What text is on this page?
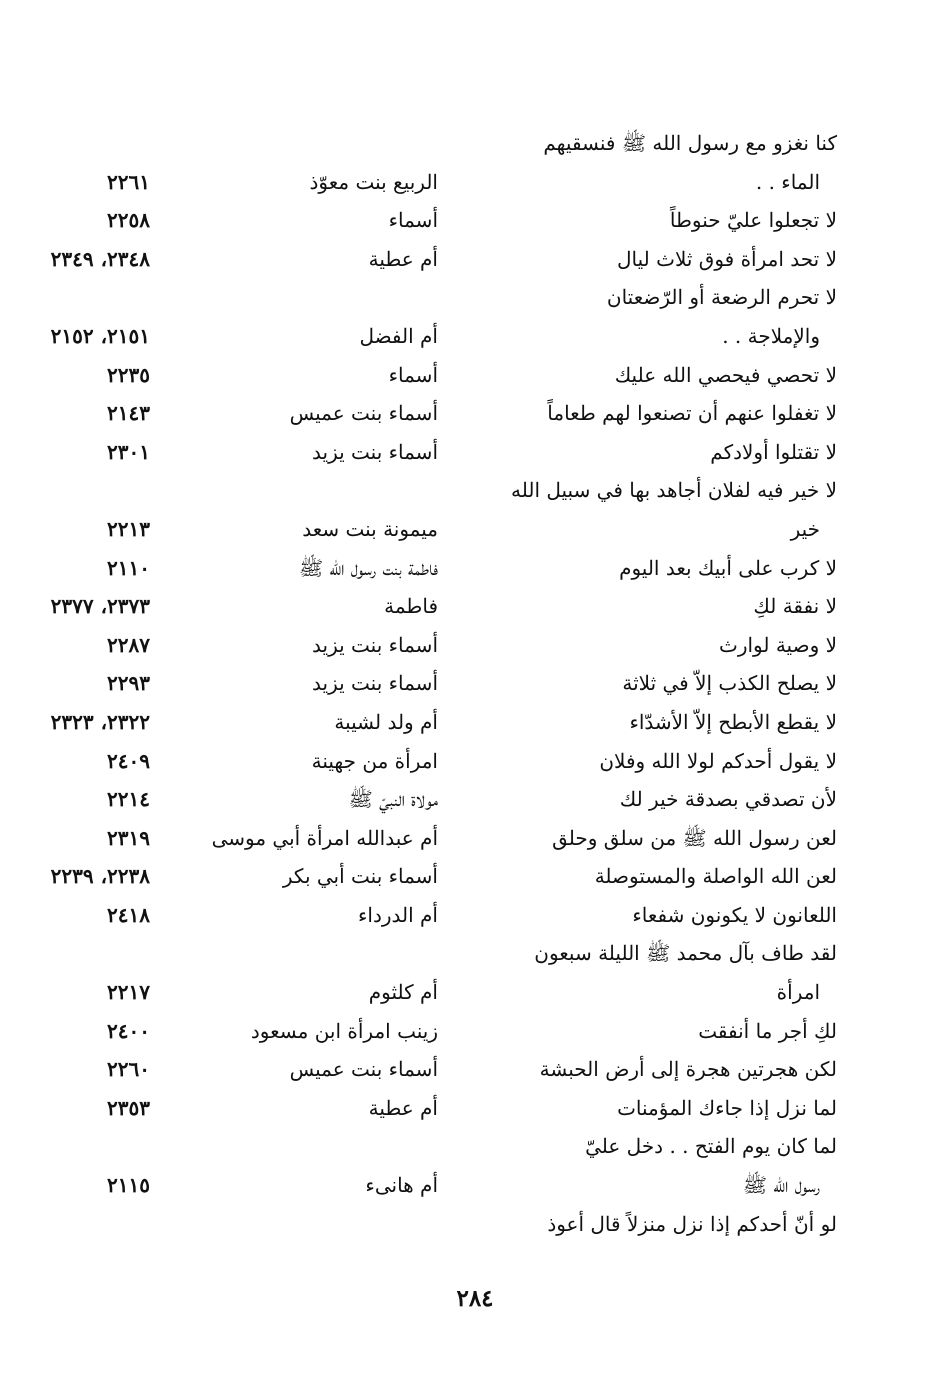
كنا نغزو مع رسول الله ﷺ فنسقيهم
الماء . .
الربيع بنت معوّذ
٢٢٦١
لا تجعلوا عليّ حنوطاً
أسماء
٢٢٥٨
لا تحد امرأة فوق ثلاث ليال
أم عطية
٢٣٤٨، ٢٣٤٩
لا تحرم الرضعة أو الرّضعتان
والإملاجة . .
أم الفضل
٢١٥١، ٢١٥٢
لا تحصي فيحصي الله عليك
أسماء
٢٢٣٥
لا تغفلوا عنهم أن تصنعوا لهم طعاماً
أسماء بنت عميس
٢١٤٣
لا تقتلوا أولادكم
أسماء بنت يزيد
٢٣٠١
لا خير فيه لفلان أجاهد بها في سبيل الله
خير
ميمونة بنت سعد
٢٢١٣
لا كرب على أبيك بعد اليوم
فاطمة بنت رسول الله ﷺ
٢١١٠
لا نفقة لكِ
فاطمة
٢٣٧٣، ٢٣٧٧
لا وصية لوارث
أسماء بنت يزيد
٢٢٨٧
لا يصلح الكذب إلاّ في ثلاثة
أسماء بنت يزيد
٢٢٩٣
لا يقطع الأبطح إلاّ الأشدّاء
أم ولد لشيبة
٢٣٢٢، ٢٣٢٣
لا يقول أحدكم لولا الله وفلان
امرأة من جهينة
٢٤٠٩
لأن تصدقي بصدقة خير لك
مولاة النبيّ ﷺ
٢٢١٤
لعن رسول الله ﷺ من سلق وحلق
أم عبدالله امرأة أبي موسى
٢٣١٩
لعن الله الواصلة والمستوصلة
أسماء بنت أبي بكر
٢٢٣٨، ٢٢٣٩
اللعانون لا يكونون شفعاء
أم الدرداء
٢٤١٨
لقد طاف بآل محمد ﷺ الليلة سبعون
امرأة
أم كلثوم
٢٢١٧
لكِ أجر ما أنفقت
زينب امرأة ابن مسعود
٢٤٠٠
لكن هجرتين هجرة إلى أرض الحبشة
أسماء بنت عميس
٢٢٦٠
لما نزل إذا جاءك المؤمنات
أم عطية
٢٣٥٣
لما كان يوم الفتح . . دخل عليّ
رسول الله ﷺ
أم هانىء
٢١١٥
لو أنّ أحدكم إذا نزل منزلاً قال أعوذ
٢٨٤
